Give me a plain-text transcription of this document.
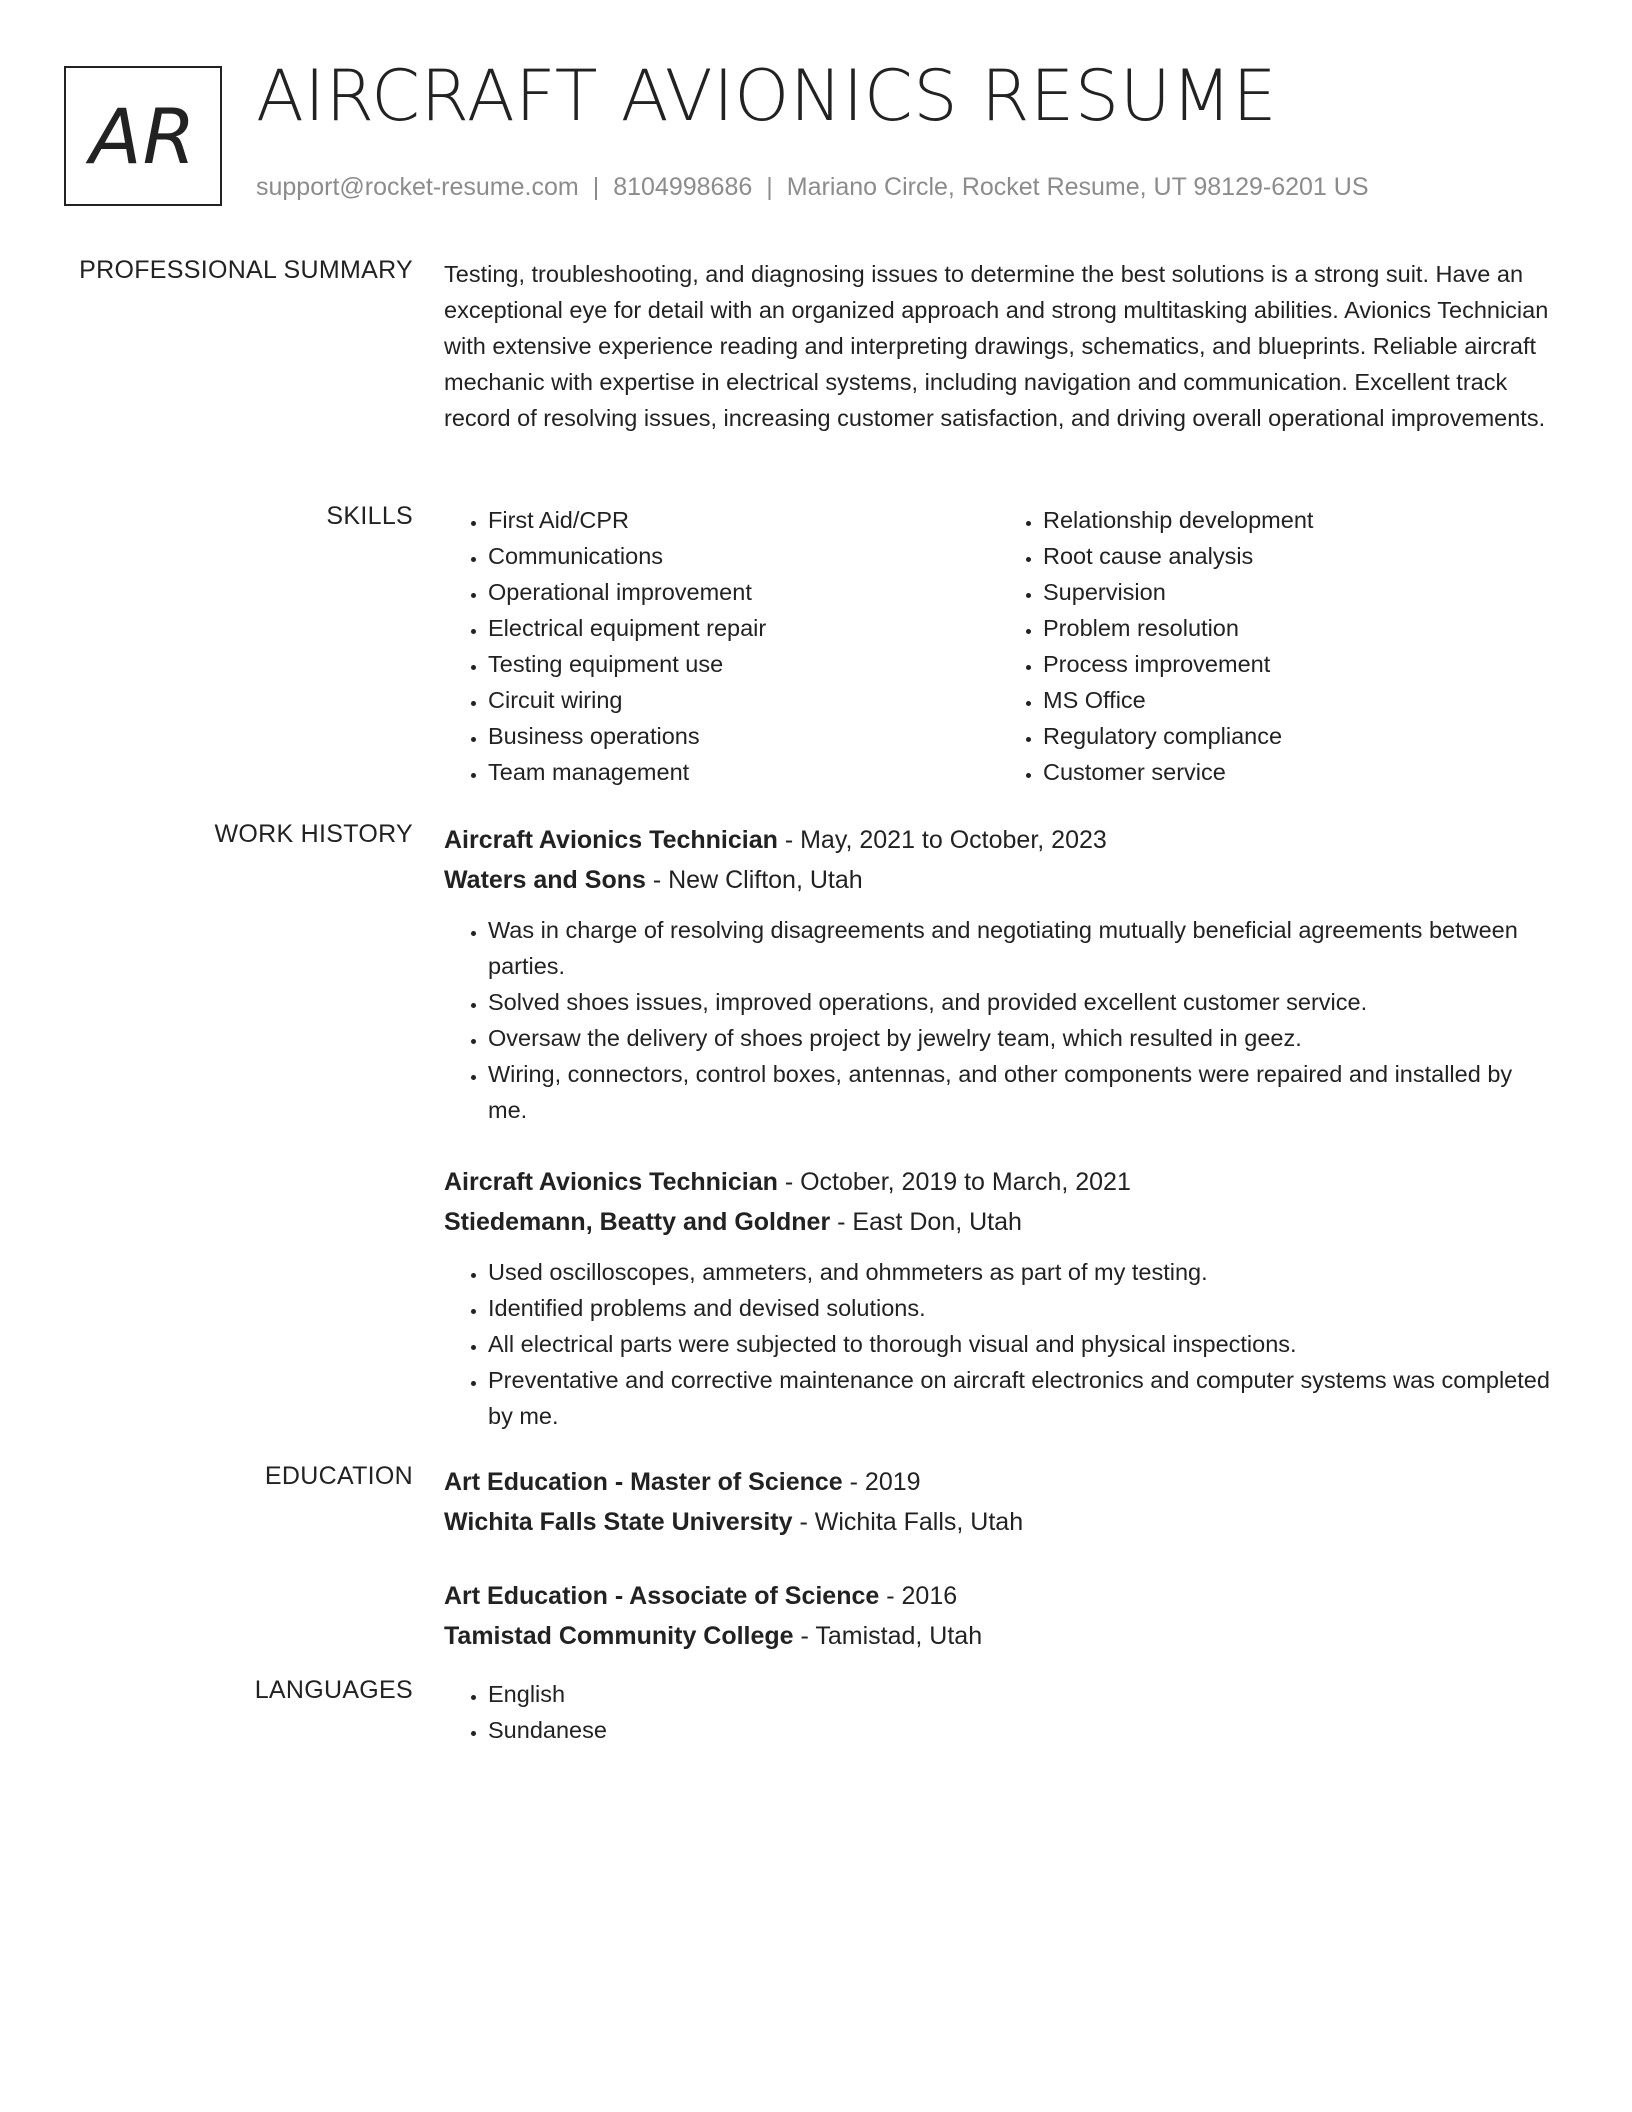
AR AIRCRAFT AVIONICS RESUME
support@rocket-resume.com | 8104998686 | Mariano Circle, Rocket Resume, UT 98129-6201 US
PROFESSIONAL SUMMARY Testing, troubleshooting, and diagnosing issues to determine the best solutions is a strong suit. Have an exceptional eye for detail with an organized approach and strong multitasking abilities. Avionics Technician with extensive experience reading and interpreting drawings, schematics, and blueprints. Reliable aircraft mechanic with expertise in electrical systems, including navigation and communication. Excellent track record of resolving issues, increasing customer satisfaction, and driving overall operational improvements.

SKILLS	• First Aid/CPR
• Communications
• Operational improvement
• Electrical equipment repair
• Testing equipment use
• Circuit wiring
• Business operations
• Team management
• Relationship development
• Root cause analysis
• Supervision
• Problem resolution
• Process improvement
• MS Office
• Regulatory compliance
• Customer service
WORK HISTORY Aircraft Avionics Technician - May, 2021 to October, 2023
Waters and Sons - New Clifton, Utah
• Was in charge of resolving disagreements and negotiating mutually beneficial agreements between parties.
• Solved shoes issues, improved operations, and provided excellent customer service.
• Oversaw the delivery of shoes project by jewelry team, which resulted in geez.
• Wiring, connectors, control boxes, antennas, and other components were repaired and installed by me.
Aircraft Avionics Technician - October, 2019 to March, 2021
Stiedemann, Beatty and Goldner - East Don, Utah
• Used oscilloscopes, ammeters, and ohmmeters as part of my testing.
• Identified problems and devised solutions.
• All electrical parts were subjected to thorough visual and physical inspections.
• Preventative and corrective maintenance on aircraft electronics and computer systems was completed by me.
EDUCATION Art Education - Master of Science - 2019
Wichita Falls State University - Wichita Falls, Utah
Art Education - Associate of Science - 2016
Tamistad Community College - Tamistad, Utah
LANGUAGES	• English
• Sundanese
